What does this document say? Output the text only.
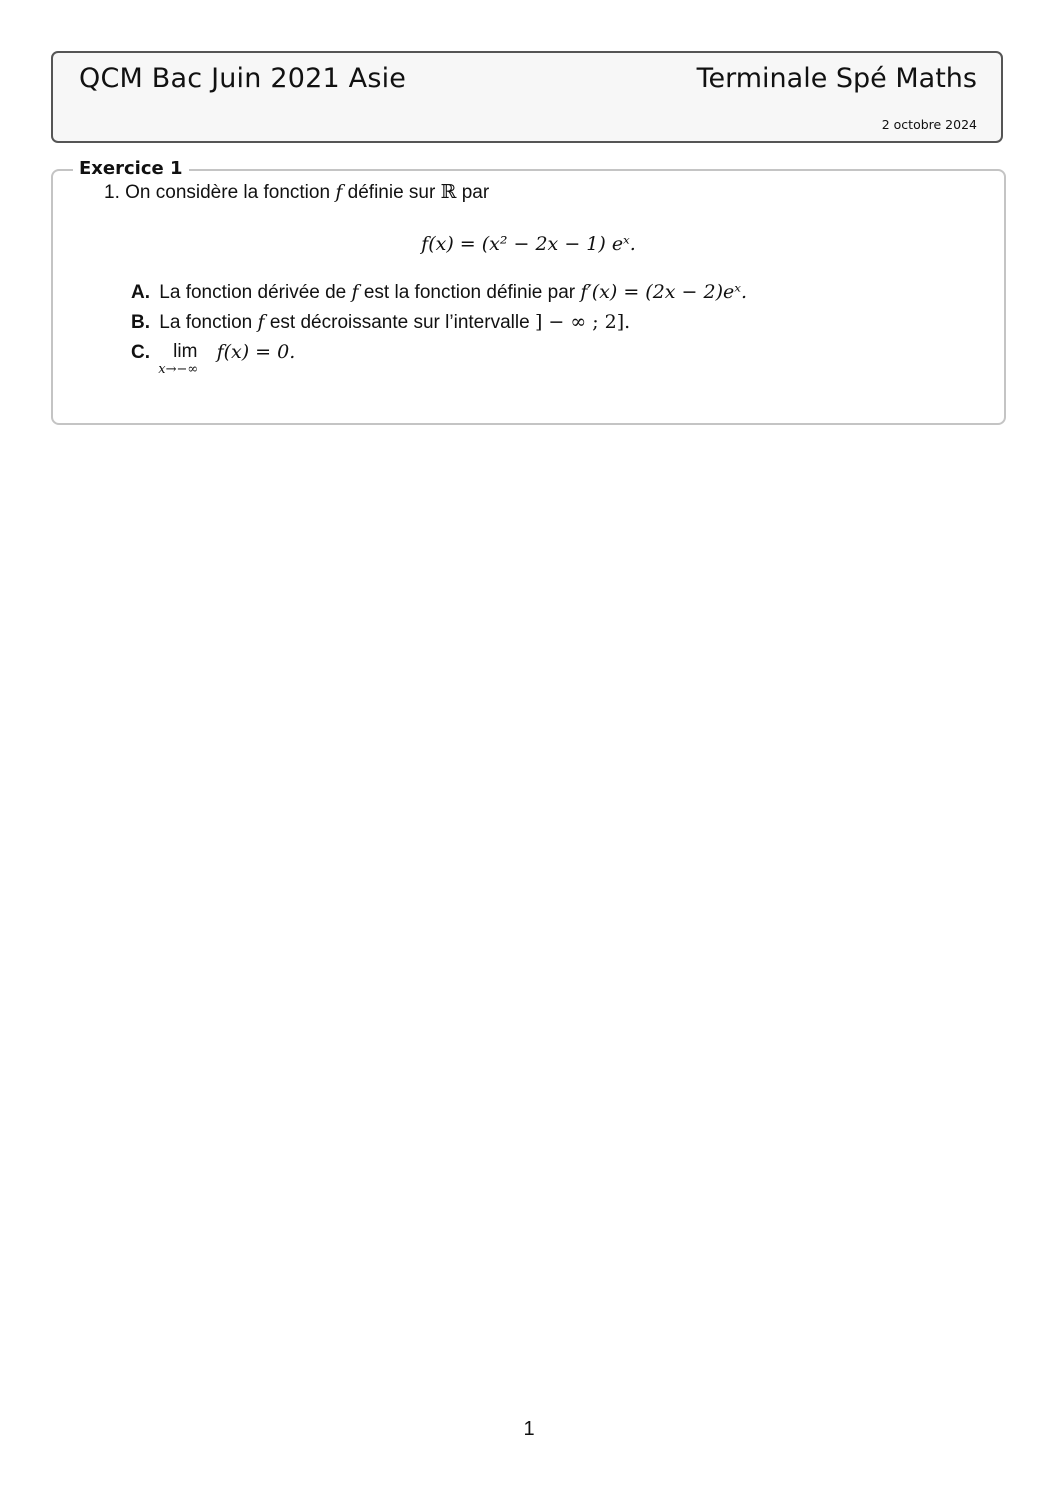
QCM Bac Juin 2021 Asie	Terminale Spé Maths
2 octobre 2024
Exercice 1
1. On considère la fonction f définie sur ℝ par
f(x) = (x² − 2x − 1) eˣ.
A. La fonction dérivée de f est la fonction définie par f′(x) = (2x − 2)eˣ.
B. La fonction f est décroissante sur l’intervalle ] − ∞ ; 2].
C. lim
x→−∞
f(x) = 0.
1
